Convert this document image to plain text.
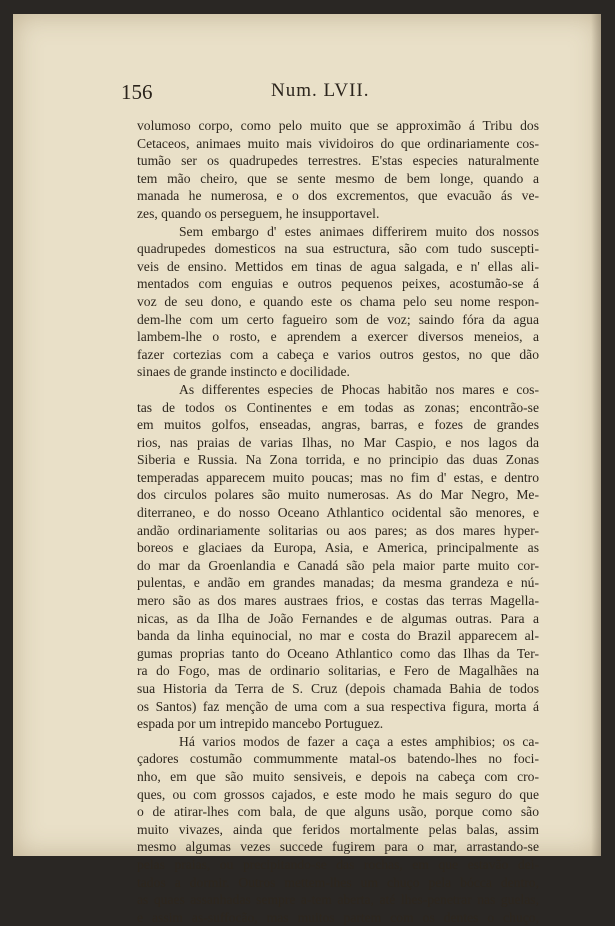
156	Num. LVII.
volumoso corpo, como pelo muito que se approximão á Tribu dos
Cetaceos, animaes muito mais vividoiros do que ordinariamente cos-
tumão ser os quadrupedes terrestres. E'stas especies naturalmente
tem mão cheiro, que se sente mesmo de bem longe, quando a
manada he numerosa, e o dos excrementos, que evacuão ás ve-
zes, quando os perseguem, he insupportavel.
Sem embargo d' estes animaes differirem muito dos nossos
quadrupedes domesticos na sua estructura, são com tudo suscepti-
veis de ensino. Mettidos em tinas de agua salgada, e n' ellas ali-
mentados com enguias e outros pequenos peixes, acostumão-se á
voz de seu dono, e quando este os chama pelo seu nome respon-
dem-lhe com um certo fagueiro som de voz; saindo fóra da agua
lambem-lhe o rosto, e aprendem a exercer diversos meneios, a
fazer cortezias com a cabeça e varios outros gestos, no que dão
sinaes de grande instincto e docilidade.
As differentes especies de Phocas habitão nos mares e cos-
tas de todos os Continentes e em todas as zonas; encontrão-se
em muitos golfos, enseadas, angras, barras, e fozes de grandes
rios, nas praias de varias Ilhas, no Mar Caspio, e nos lagos da
Siberia e Russia. Na Zona torrida, e no principio das duas Zonas
temperadas apparecem muito poucas; mas no fim d' estas, e dentro
dos circulos polares são muito numerosas. As do Mar Negro, Me-
diterraneo, e do nosso Oceano Athlantico ocidental são menores, e
andão ordinariamente solitarias ou aos pares; as dos mares hyper-
boreos e glaciaes da Europa, Asia, e America, principalmente as
do mar da Groenlandia e Canadá são pela maior parte muito cor-
pulentas, e andão em grandes manadas; da mesma grandeza e nú-
mero são as dos mares austraes frios, e costas das terras Magella-
nicas, as da Ilha de João Fernandes e de algumas outras. Para a
banda da linha equinocial, no mar e costa do Brazil apparecem al-
gumas proprias tanto do Oceano Athlantico como das Ilhas da Ter-
ra do Fogo, mas de ordinario solitarias, e Fero de Magalhães na
sua Historia da Terra de S. Cruz (depois chamada Bahia de todos
os Santos) faz menção de uma com a sua respectiva figura, morta á
espada por um intrepido mancebo Portuguez.
Há varios modos de fazer a caça a estes amphibios; os ca-
çadores costumão commummente matal-os batendo-lhes no foci-
nho, em que são muito sensiveis, e depois na cabeça com cro-
ques, ou com grossos cajados, e este modo he mais seguro do que
o de atirar-lhes com bala, de que alguns usão, porque como são
muito vivazes, ainda que feridos mortalmente pelas balas, assim
mesmo algumas vezes succede fugirem para o mar, arrastando-se
pelas praias, ou precipitando-se das rochas, em que estavão dei-
tados a dormir. Outros mettem-lhes um chuço pela bócca dentro,
as quaes assanhadas sempre a-tem aberta, até lhes-penetrar nas guelas,
e assim as-suffocão, mas muitos partem com os dentes o chuço,
